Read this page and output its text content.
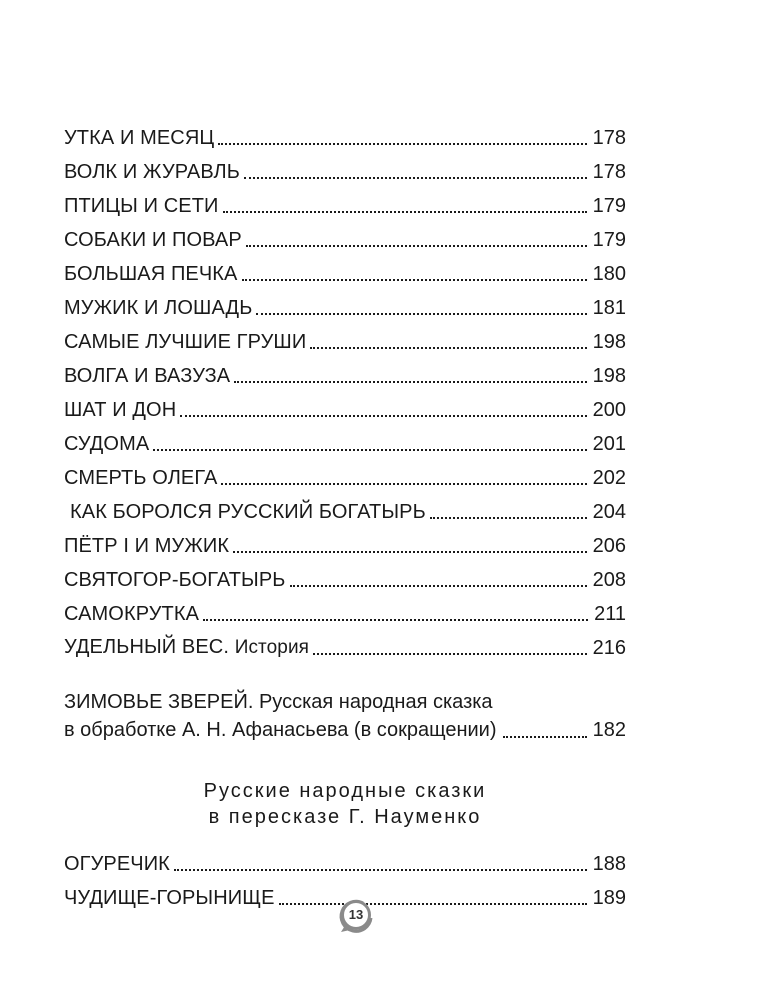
УТКА И МЕСЯЦ	178
ВОЛК И ЖУРАВЛЬ	178
ПТИЦЫ И СЕТИ	179
СОБАКИ И ПОВАР	179
БОЛЬШАЯ ПЕЧКА	180
МУЖИК И ЛОШАДЬ	181
САМЫЕ ЛУЧШИЕ ГРУШИ	198
ВОЛГА И ВАЗУЗА	198
ШАТ И ДОН	200
СУДОМА	201
СМЕРТЬ ОЛЕГА	202
КАК БОРОЛСЯ РУССКИЙ БОГАТЫРЬ	204
ПЁТР I И МУЖИК	206
СВЯТОГОР-БОГАТЫРЬ	208
САМОКРУТКА	211
УДЕЛЬНЫЙ ВЕС. История	216
ЗИМОВЬЕ ЗВЕРЕЙ. Русская народная сказка
в обработке А. Н. Афанасьева (в сокращении)	182
Русские народные сказки
в пересказе Г. Науменко
ОГУРЕЧИК	188
ЧУДИЩЕ-ГОРЫНИЩЕ	189
13
